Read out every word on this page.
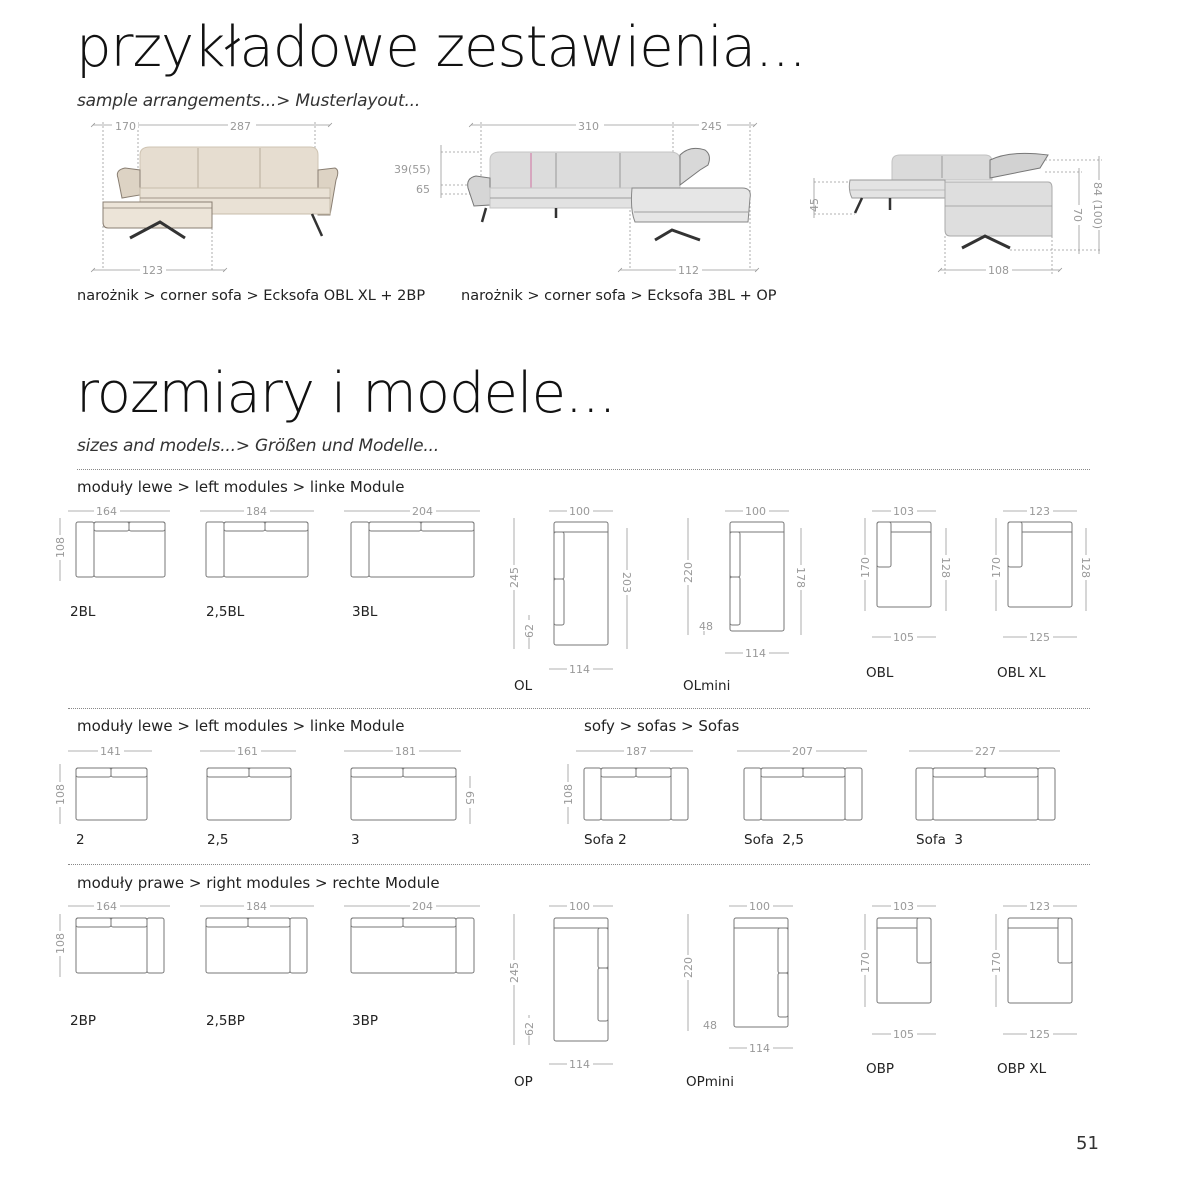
przykładowe zestawienia...
sample arrangements...> Musterlayout...
170	287
123
310	245
39(55)
65
112
45
70 84 (100)
108
narożnik > corner sofa > Ecksofa OBL XL + 2BP narożnik > corner sofa > Ecksofa 3BL + OP
rozmiary i modele...
sizes and models...> Größen und Modelle...
moduły lewe > left modules > linke Module
164	184	204	100	100	103	123
114
114
105	125
108
245	203
62
220	178
48
170	128	170	128
2BL	2,5BL	3BL
OL	OLmini
OBL	OBL XL
moduły lewe > left modules > linke Module	sofy > sofas > Sofas
141	161	181	187	207	227
108	108
65
2	2,5	3	Sofa 2	Sofa  2,5	Sofa  3
moduły prawe > right modules > rechte Module
164	184	204	100	100	103	123
114
114
105	125
108
245
62
220
48
170	170
2BP	2,5BP	3BP
OP	OPmini
OBP	OBP XL
51
